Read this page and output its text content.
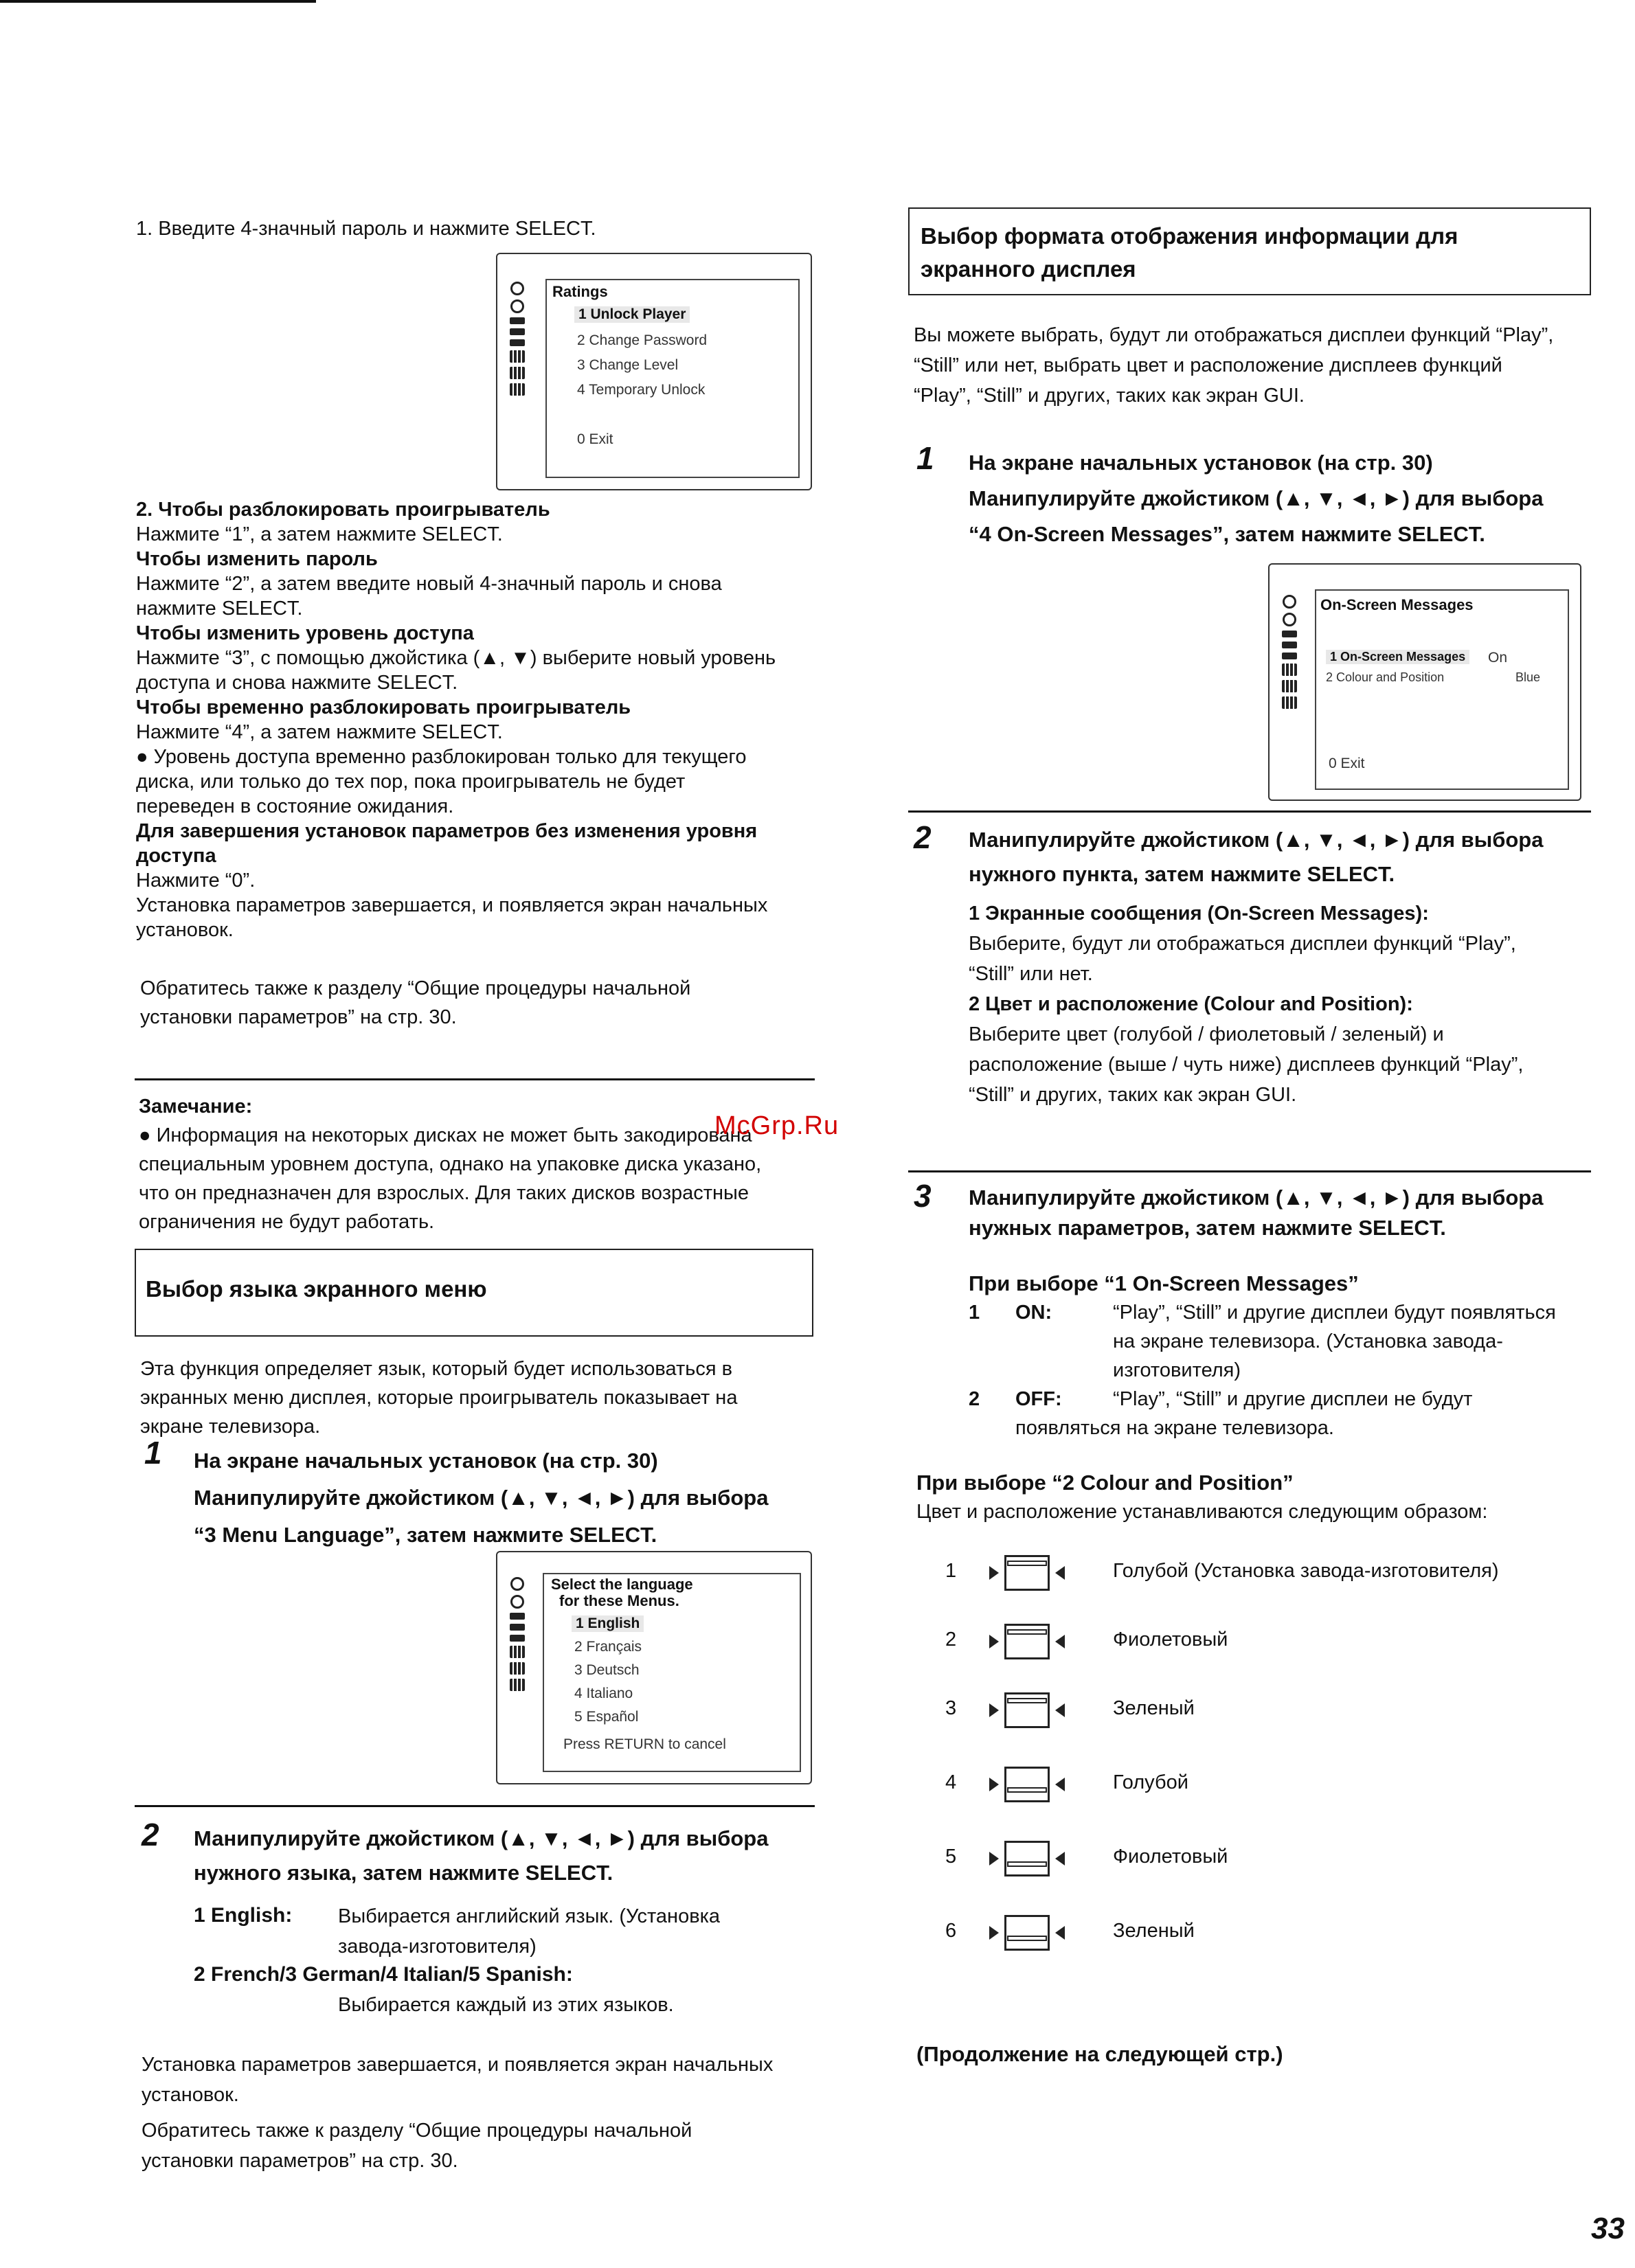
1. Введите 4-значный пароль и нажмите SELECT.
Ratings
1 Unlock Player
2 Change Password
3 Change Level
4 Temporary Unlock
0 Exit
2. Чтобы разблокировать проигрыватель
Нажмите “1”, а затем нажмите SELECT.
Чтобы изменить пароль
Нажмите “2”, а затем введите новый 4-значный пароль и снова
нажмите SELECT.
Чтобы изменить уровень доступа
Нажмите “3”, с помощью джойстика (▲, ▼) выберите новый уровень
доступа и снова нажмите SELECT.
Чтобы временно разблокировать проигрыватель
Нажмите “4”, а затем нажмите SELECT.
● Уровень доступа временно разблокирован только для текущего
диска, или только до тех пор, пока проигрыватель не будет
переведен в состояние ожидания.
Для завершения установок параметров без изменения уровня
доступа
Нажмите “0”.
Установка параметров завершается, и появляется экран начальных
установок.
Обратитесь также к разделу “Общие процедуры начальной
установки параметров” на стр. 30.
Замечание:
● Информация на некоторых дисках не может быть закодирована
специальным уровнем доступа, однако на упаковке диска указано,
что он предназначен для взрослых. Для таких дисков возрастные
ограничения не будут работать.
McGrp.Ru
Выбор языка экранного меню
Эта функция определяет язык, который будет использоваться в
экранных меню дисплея, которые проигрыватель показывает на
экране телевизора.
1 На экране начальных установок (на стр. 30)
Манипулируйте джойстиком (▲, ▼, ◄, ►) для выбора
“3 Menu Language”, затем нажмите SELECT.
Select the language
for these Menus.
1 English
2 Français
3 Deutsch
4 Italiano
5 Español
Press RETURN to cancel
2 Манипулируйте джойстиком (▲, ▼, ◄, ►) для выбора
нужного языка, затем нажмите SELECT.
1 English: Выбирается английский язык. (Установка
завода-изготовителя)
2 French/3 German/4 Italian/5 Spanish:
Выбирается каждый из этих языков.
Установка параметров завершается, и появляется экран начальных
установок.
Обратитесь также к разделу “Общие процедуры начальной
установки параметров” на стр. 30.
Выбор формата отображения информации для
экранного дисплея
Вы можете выбрать, будут ли отображаться дисплеи функций “Play”,
“Still” или нет, выбрать цвет и расположение дисплеев функций
“Play”, “Still” и других, таких как экран GUI.
1 На экране начальных установок (на стр. 30)
Манипулируйте джойстиком (▲, ▼, ◄, ►) для выбора
“4 On-Screen Messages”, затем нажмите SELECT.
On-Screen Messages
1 On-Screen Messages On
2 Colour and Position	Blue
0 Exit
2 Манипулируйте джойстиком (▲, ▼, ◄, ►) для выбора
нужного пункта, затем нажмите SELECT.
1 Экранные сообщения (On-Screen Messages):
Выберите, будут ли отображаться дисплеи функций “Play”,
“Still” или нет.
2 Цвет и расположение (Colour and Position):
Выберите цвет (голубой / фиолетовый / зеленый) и
расположение (выше / чуть ниже) дисплеев функций “Play”,
“Still” и других, таких как экран GUI.
3 Манипулируйте джойстиком (▲, ▼, ◄, ►) для выбора
нужных параметров, затем нажмите SELECT.
При выборе “1 On-Screen Messages”
1 ON:	“Play”, “Still” и другие дисплеи будут появляться
на экране телевизора. (Установка завода-
изготовителя)
2 OFF:	“Play”, “Still” и другие дисплеи не будут
появляться на экране телевизора.
При выборе “2 Colour and Position”
Цвет и расположение устанавливаются следующим образом:
1	Голубой (Установка завода-изготовителя)
2	Фиолетовый
3	Зеленый
4	Голубой
5	Фиолетовый
6	Зеленый
(Продолжение на следующей стр.)
33
